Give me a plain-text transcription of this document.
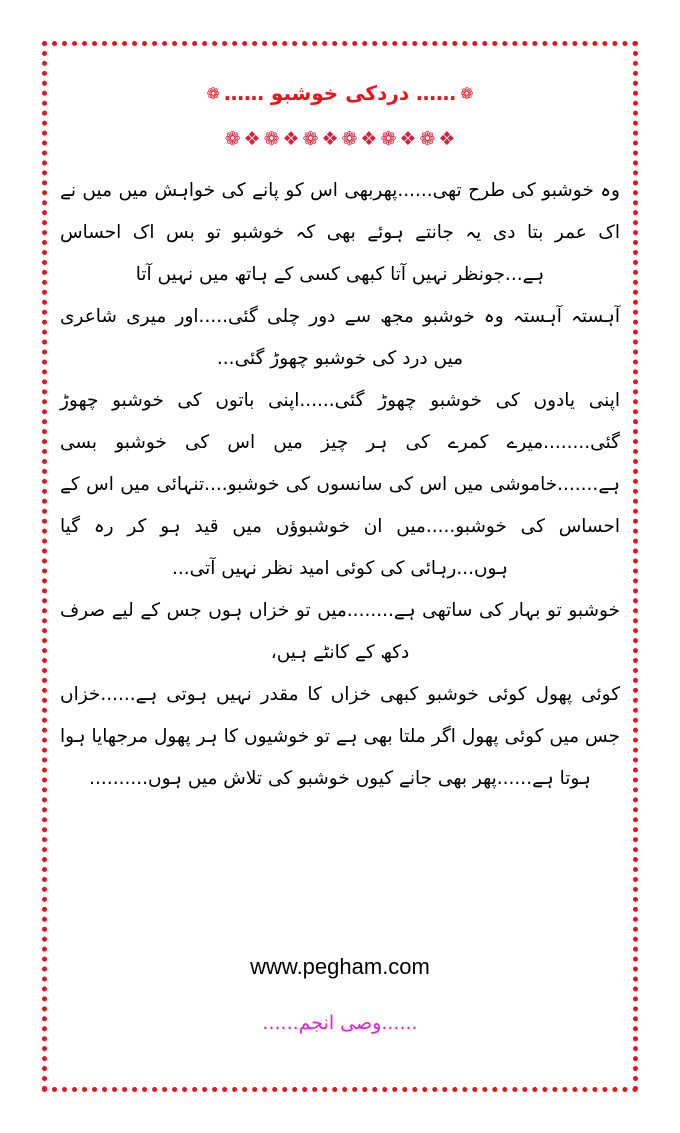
❁
…… دردکی خوشبو ……
❁
❁ ❖ ❁ ❖ ❁ ❖ ❁ ❖ ❁ ❖ ❁ ❖

وہ خوشبو کی طرح تھی......پھربھی اس کو پانے کی خواہش میں میں نے اک عمر بتا دی یہ جانتے ہوئے بھی کہ خوشبو تو بس اک احساس ہے...جونظر نہیں آتا کبھی کسی کے ہاتھ میں نہیں آتا

آہستہ آہستہ وہ خوشبو مجھ سے دور چلی گئی.....اور میری شاعری میں درد کی خوشبو چھوڑ گئی...

اپنی یادوں کی خوشبو چھوڑ گئی......اپنی باتوں کی خوشبو چھوڑ گئی........میرے کمرے کی ہر چیز میں اس کی خوشبو بسی ہے.......خاموشی میں اس کی سانسوں کی خوشبو....تنہائی میں اس کے احساس کی خوشبو.....میں ان خوشبوؤں میں قید ہو کر رہ گیا ہوں...رہائی کی کوئی امید نظر نہیں آتی...

خوشبو تو بہار کی ساتھی ہے........میں تو خزاں ہوں جس کے لیے صرف دکھ کے کانٹے ہیں،

کوئی پھول کوئی خوشبو کبھی خزاں کا مقدر نہیں ہوتی ہے......خزاں جس میں کوئی پھول اگر ملتا بھی ہے تو خوشیوں کا ہر پھول مرجھایا ہوا ہوتا ہے......پھر بھی جانے کیوں خوشبو کی تلاش میں ہوں..........

www.pegham.com
......وصی انجم......
